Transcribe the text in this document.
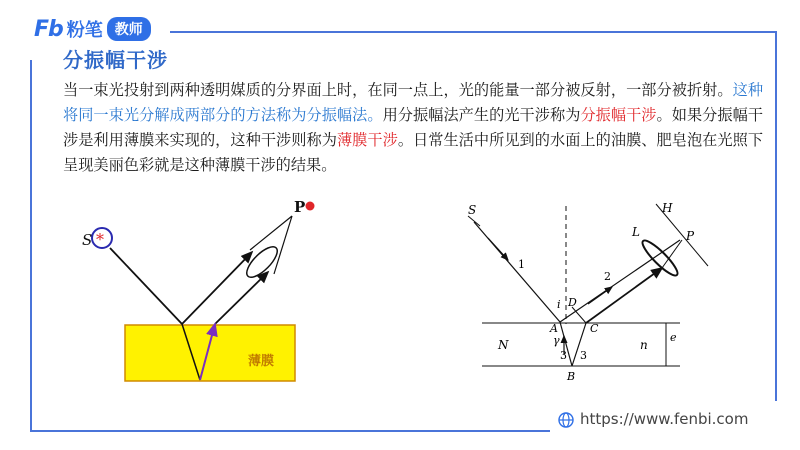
Fb 粉笔 教师
分振幅干涉
当一束光投射到两种透明媒质的分界面上时，在同一点上，光的能量一部分被反射，一部分被折射。这种将同一束光分解成两部分的方法称为分振幅法。用分振幅法产生的光干涉称为分振幅干涉。如果分振幅干涉是利用薄膜来实现的，这种干涉则称为薄膜干涉。日常生活中所见到的水面上的油膜、肥皂泡在光照下呈现美丽色彩就是这种薄膜干涉的结果。
薄膜
*
S
P	S	H
L	P
1
2
i D
A	C
γ
3 3
N	n
e
B
https://www.fenbi.com
